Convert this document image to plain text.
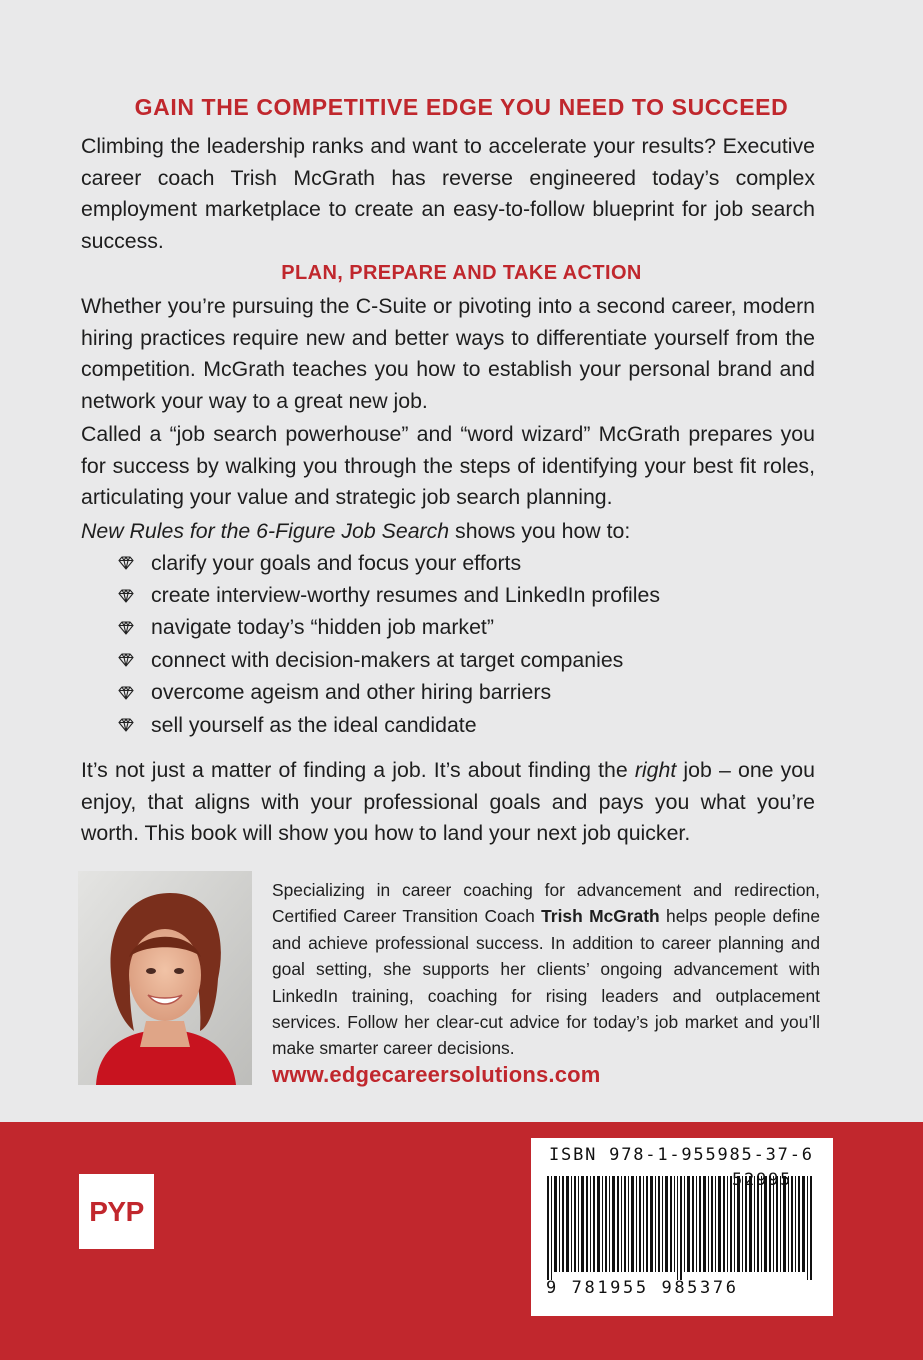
GAIN THE COMPETITIVE EDGE YOU NEED TO SUCCEED

Climbing the leadership ranks and want to accelerate your results? Executive career coach Trish McGrath has reverse engineered today’s complex employment marketplace to create an easy-to-follow blueprint for job search success.

PLAN, PREPARE AND TAKE ACTION

Whether you’re pursuing the C-Suite or pivoting into a second career, modern hiring practices require new and better ways to differentiate yourself from the competition. McGrath teaches you how to establish your personal brand and network your way to a great new job.

Called a “job search powerhouse” and “word wizard” McGrath prepares you for success by walking you through the steps of identifying your best fit roles, articulating your value and strategic job search planning.

New Rules for the 6-Figure Job Search shows you how to:

clarify your goals and focus your efforts
create interview-worthy resumes and LinkedIn profiles
navigate today’s “hidden job market”
connect with decision-makers at target companies
overcome ageism and other hiring barriers
sell yourself as the ideal candidate

It’s not just a matter of finding a job. It’s about finding the right job – one you enjoy, that aligns with your professional goals and pays you what you’re worth. This book will show you how to land your next job quicker.

Specializing in career coaching for advancement and redirection, Certified Career Transition Coach Trish McGrath helps people define and achieve professional success. In addition to career planning and goal setting, she supports her clients’ ongoing advancement with LinkedIn training, coaching for rising leaders and outplacement services. Follow her clear-cut advice for today’s job market and you’ll make smarter career decisions.

www.edgecareersolutions.com

PYP

ISBN 978-1-955985-37-6

52995

9 781955 985376
